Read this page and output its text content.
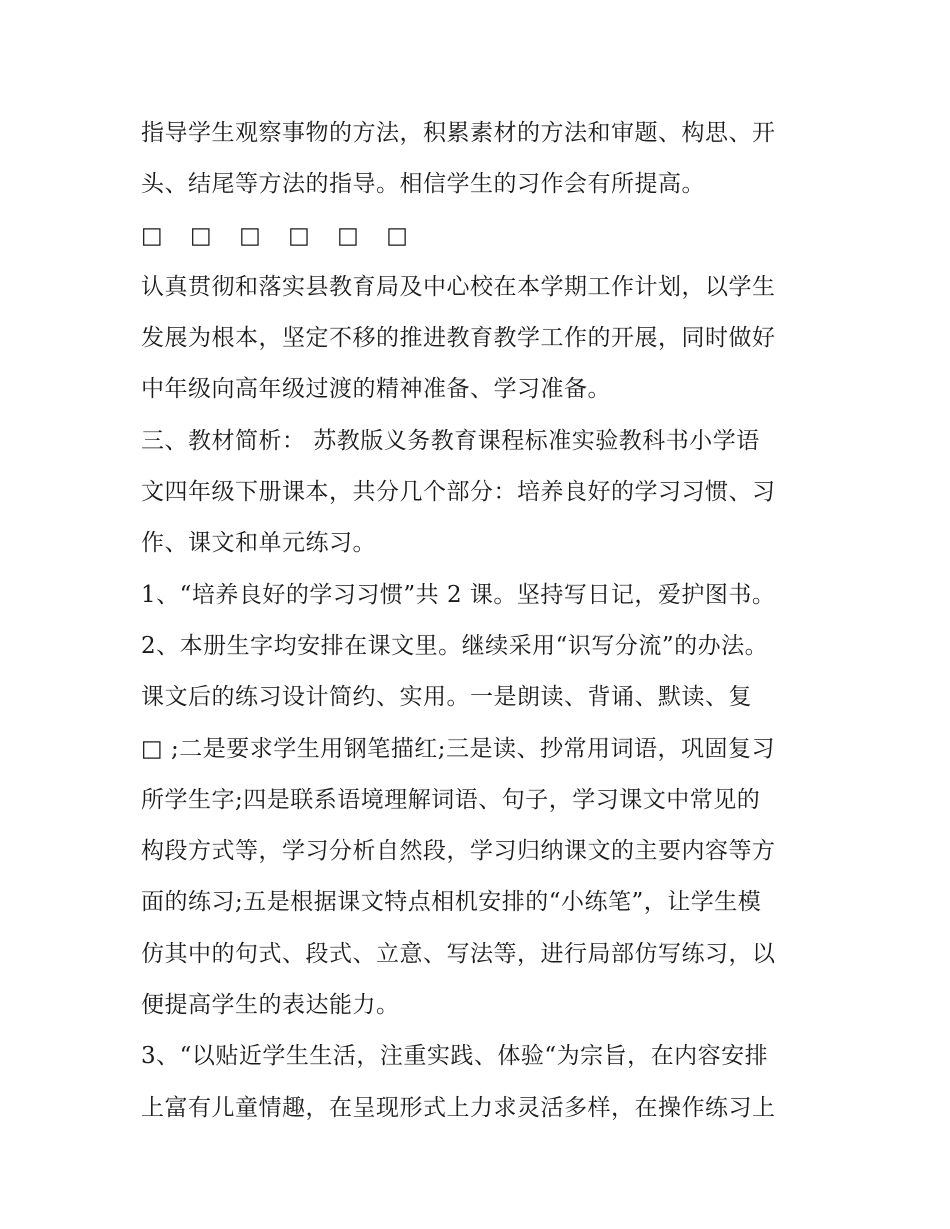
指导学生观察事物的方法，积累素材的方法和审题、构思、开

头、结尾等方法的指导。相信学生的习作会有所提高。

□ □ □ □ □ □

认真贯彻和落实县教育局及中心校在本学期工作计划，以学生

发展为根本，坚定不移的推进教育教学工作的开展，同时做好

中年级向高年级过渡的精神准备、学习准备。

三、教材简析： 苏教版义务教育课程标准实验教科书小学语

文四年级下册课本，共分几个部分：培养良好的学习习惯、习

作、课文和单元练习。

1、“培养良好的学习习惯”共 2 课。坚持写日记，爱护图书。

2、本册生字均安排在课文里。继续采用“识写分流”的办法。

课文后的练习设计简约、实用。一是朗读、背诵、默读、复

□ ;二是要求学生用钢笔描红;三是读、抄常用词语，巩固复习

所学生字;四是联系语境理解词语、句子，学习课文中常见的

构段方式等，学习分析自然段，学习归纳课文的主要内容等方

面的练习;五是根据课文特点相机安排的“小练笔”，让学生模

仿其中的句式、段式、立意、写法等，进行局部仿写练习，以

便提高学生的表达能力。

3、“以贴近学生生活，注重实践、体验“为宗旨，在内容安排

上富有儿童情趣，在呈现形式上力求灵活多样，在操作练习上
